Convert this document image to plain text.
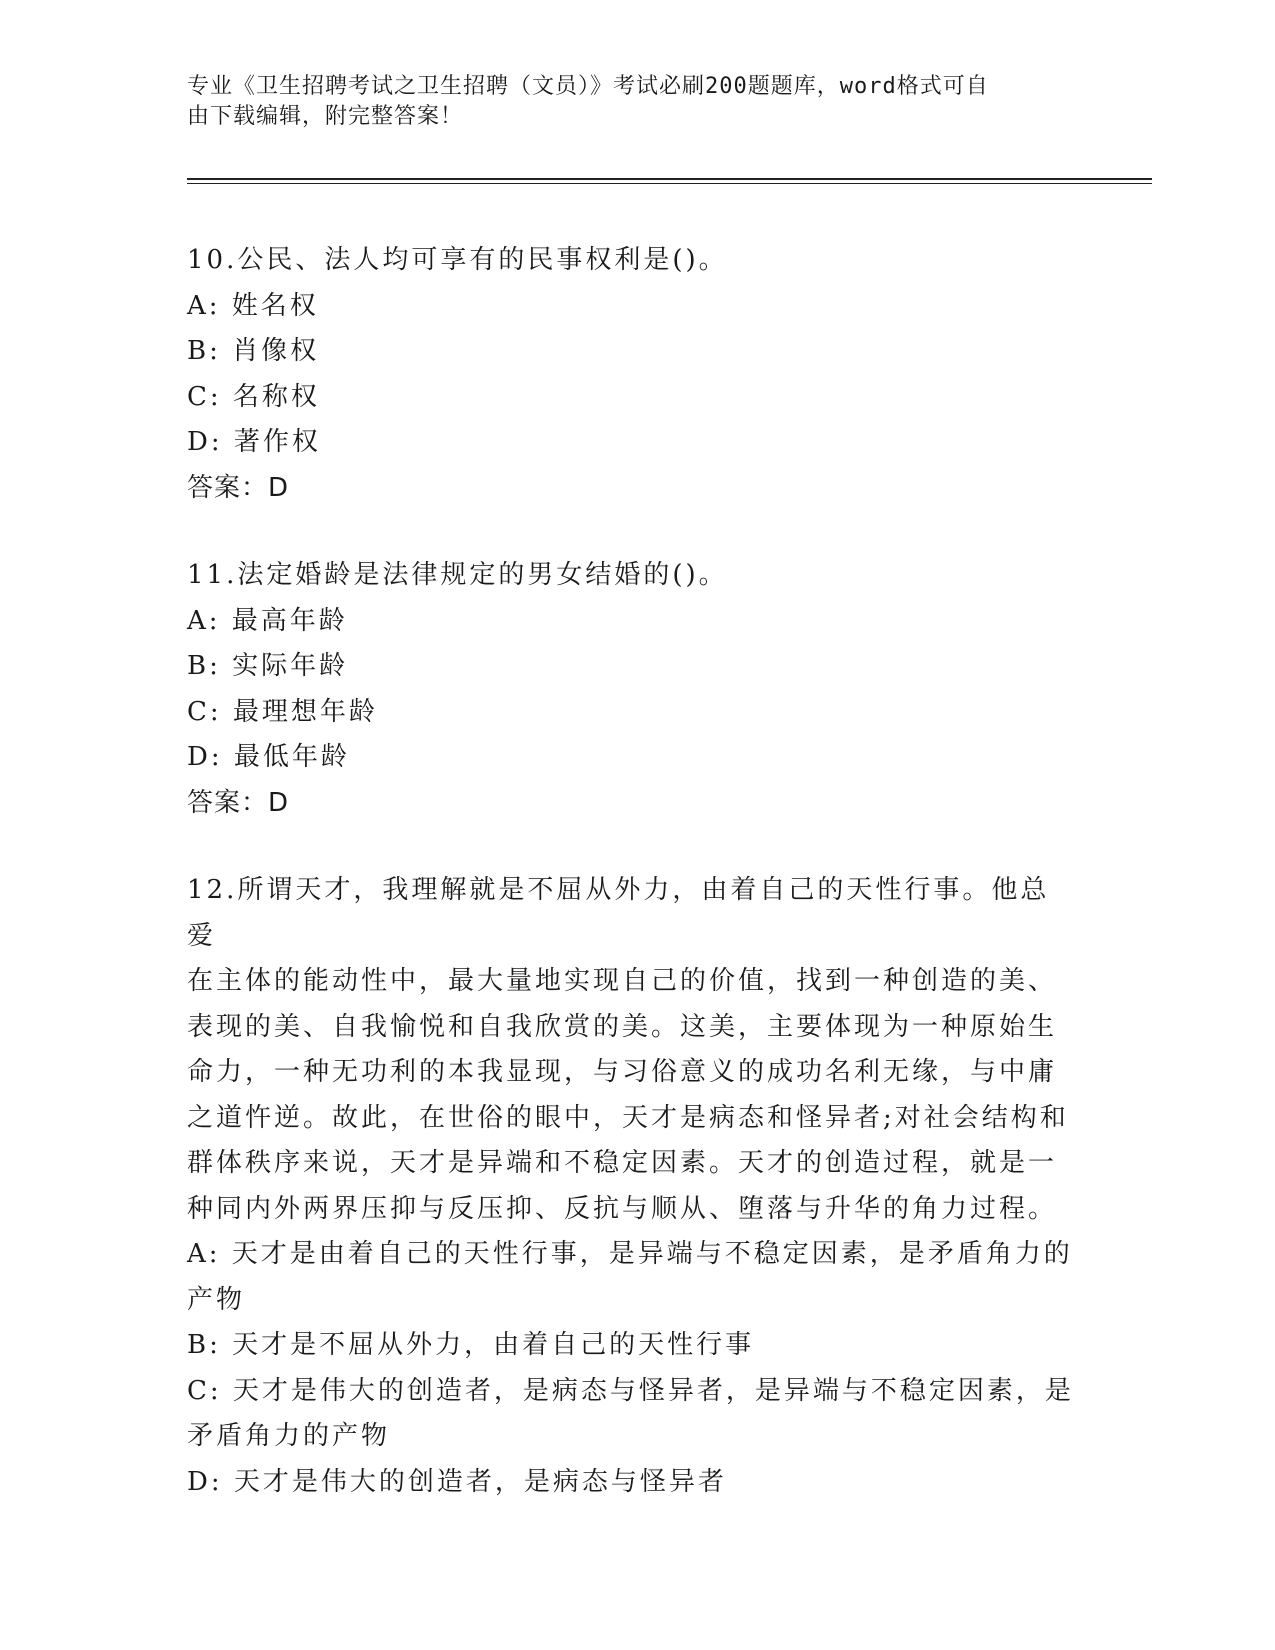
专业《卫生招聘考试之卫生招聘（文员）》考试必刷200题题库，word格式可自
由下载编辑，附完整答案！
10.公民、法人均可享有的民事权利是()。
A: 姓名权
B: 肖像权
C: 名称权
D: 著作权
答案：D
11.法定婚龄是法律规定的男女结婚的()。
A: 最高年龄
B: 实际年龄
C: 最理想年龄
D: 最低年龄
答案：D
12.所谓天才，我理解就是不屈从外力，由着自己的天性行事。他总爱
在主体的能动性中，最大量地实现自己的价值，找到一种创造的美、
表现的美、自我愉悦和自我欣赏的美。这美，主要体现为一种原始生
命力，一种无功利的本我显现，与习俗意义的成功名利无缘，与中庸
之道忤逆。故此，在世俗的眼中，天才是病态和怪异者;对社会结构和
群体秩序来说，天才是异端和不稳定因素。天才的创造过程，就是一
种同内外两界压抑与反压抑、反抗与顺从、堕落与升华的角力过程。
A: 天才是由着自己的天性行事，是异端与不稳定因素，是矛盾角力的
产物
B: 天才是不屈从外力，由着自己的天性行事
C: 天才是伟大的创造者，是病态与怪异者，是异端与不稳定因素，是
矛盾角力的产物
D: 天才是伟大的创造者，是病态与怪异者
